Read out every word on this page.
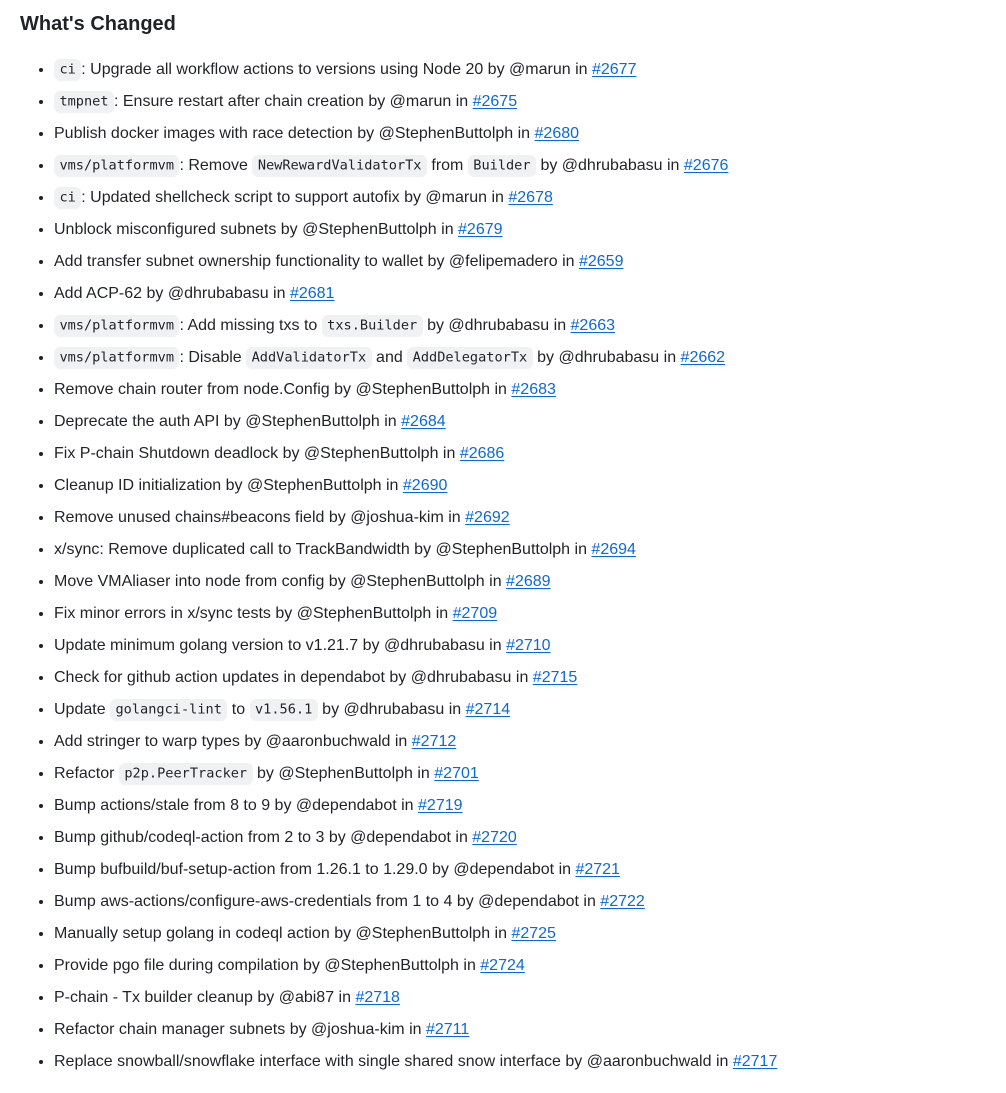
What's Changed
• ci : Upgrade all workflow actions to versions using Node 20 by @marun in #2677
• tmpnet : Ensure restart after chain creation by @marun in #2675
• Publish docker images with race detection by @StephenButtolph in #2680
• vms/platformvm : Remove NewRewardValidatorTx from Builder by @dhrubabasu in #2676
• ci : Updated shellcheck script to support autofix by @marun in #2678
• Unblock misconfigured subnets by @StephenButtolph in #2679
• Add transfer subnet ownership functionality to wallet by @felipemadero in #2659
• Add ACP-62 by @dhrubabasu in #2681
• vms/platformvm : Add missing txs to txs.Builder by @dhrubabasu in #2663
• vms/platformvm : Disable AddValidatorTx and AddDelegatorTx by @dhrubabasu in #2662
• Remove chain router from node.Config by @StephenButtolph in #2683
• Deprecate the auth API by @StephenButtolph in #2684
• Fix P-chain Shutdown deadlock by @StephenButtolph in #2686
• Cleanup ID initialization by @StephenButtolph in #2690
• Remove unused chains#beacons field by @joshua-kim in #2692
• x/sync: Remove duplicated call to TrackBandwidth by @StephenButtolph in #2694
• Move VMAliaser into node from config by @StephenButtolph in #2689
• Fix minor errors in x/sync tests by @StephenButtolph in #2709
• Update minimum golang version to v1.21.7 by @dhrubabasu in #2710
• Check for github action updates in dependabot by @dhrubabasu in #2715
• Update golangci-lint to v1.56.1 by @dhrubabasu in #2714
• Add stringer to warp types by @aaronbuchwald in #2712
• Refactor p2p.PeerTracker by @StephenButtolph in #2701
• Bump actions/stale from 8 to 9 by @dependabot in #2719
• Bump github/codeql-action from 2 to 3 by @dependabot in #2720
• Bump bufbuild/buf-setup-action from 1.26.1 to 1.29.0 by @dependabot in #2721
• Bump aws-actions/configure-aws-credentials from 1 to 4 by @dependabot in #2722
• Manually setup golang in codeql action by @StephenButtolph in #2725
• Provide pgo file during compilation by @StephenButtolph in #2724
• P-chain - Tx builder cleanup by @abi87 in #2718
• Refactor chain manager subnets by @joshua-kim in #2711
• Replace snowball/snowflake interface with single shared snow interface by @aaronbuchwald in #2717
